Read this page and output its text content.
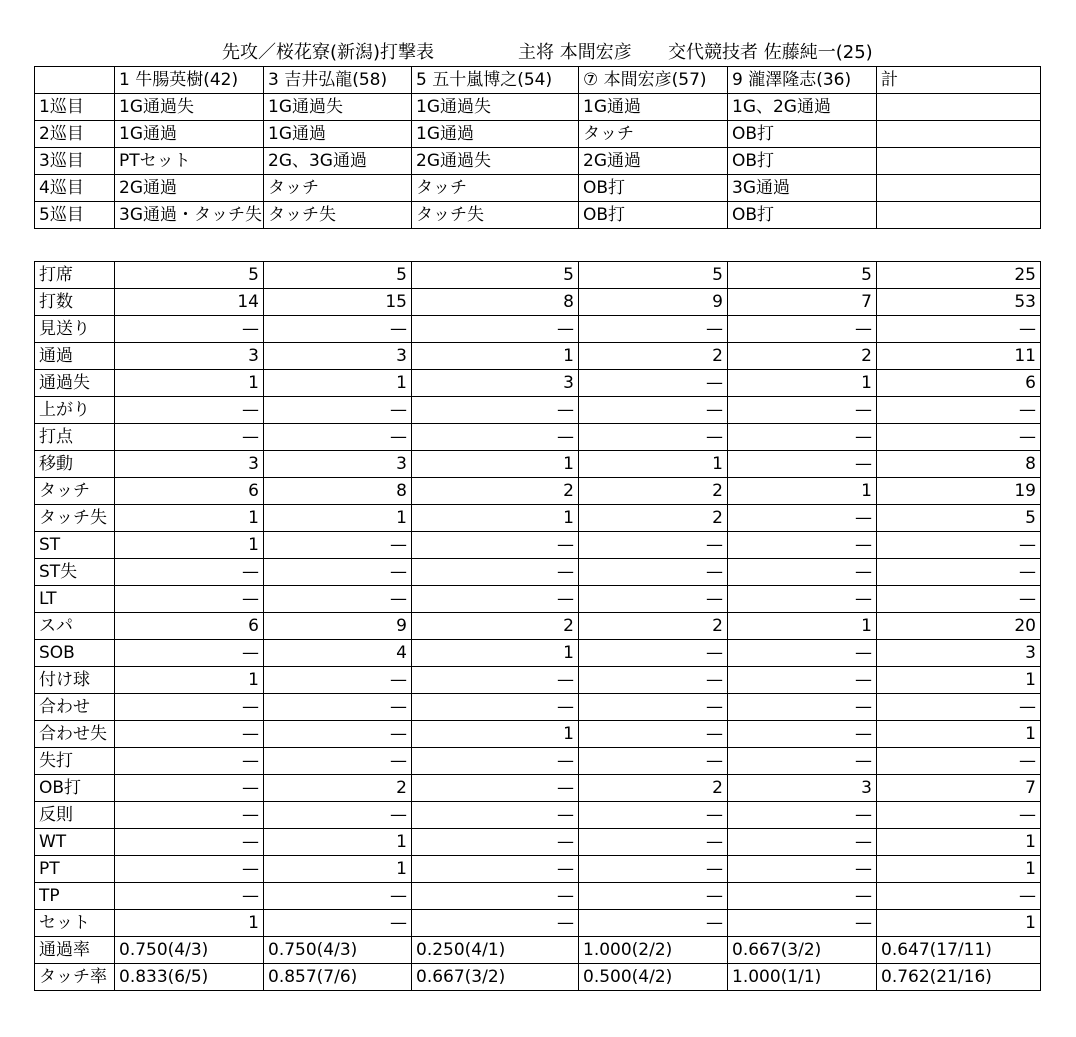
先攻／桜花寮(新潟)打撃表	主将 本間宏彦 交代競技者 佐藤純一(25)
	1 牛腸英樹(42)	3 吉井弘龍(58)	5 五十嵐博之(54)	⑦ 本間宏彦(57)	9 瀧澤隆志(36)	計
1巡目	1G通過失	1G通過失	1G通過失	1G通過	1G、2G通過	
2巡目	1G通過	1G通過	1G通過	タッチ	OB打	
3巡目	PTセット	2G、3G通過	2G通過失	2G通過	OB打	
4巡目	2G通過	タッチ	タッチ	OB打	3G通過	
5巡目	3G通過・タッチ失	タッチ失	タッチ失	OB打	OB打	
打席	5	5	5	5	5	25
打数	14	15	8	9	7	53
見送り	—	—	—	—	—	—
通過	3	3	1	2	2	11
通過失	1	1	3	—	1	6
上がり	—	—	—	—	—	—
打点	—	—	—	—	—	—
移動	3	3	1	1	—	8
タッチ	6	8	2	2	1	19
タッチ失	1	1	1	2	—	5
ST	1	—	—	—	—	—
ST失	—	—	—	—	—	—
LT	—	—	—	—	—	—
スパ	6	9	2	2	1	20
SOB	—	4	1	—	—	3
付け球	1	—	—	—	—	1
合わせ	—	—	—	—	—	—
合わせ失	—	—	1	—	—	1
失打	—	—	—	—	—	—
OB打	—	2	—	2	3	7
反則	—	—	—	—	—	—
WT	—	1	—	—	—	1
PT	—	1	—	—	—	1
TP	—	—	—	—	—	—
セット	1	—	—	—	—	1
通過率	0.750(4/3)	0.750(4/3)	0.250(4/1)	1.000(2/2)	0.667(3/2)	0.647(17/11)
タッチ率	0.833(6/5)	0.857(7/6)	0.667(3/2)	0.500(4/2)	1.000(1/1)	0.762(21/16)
